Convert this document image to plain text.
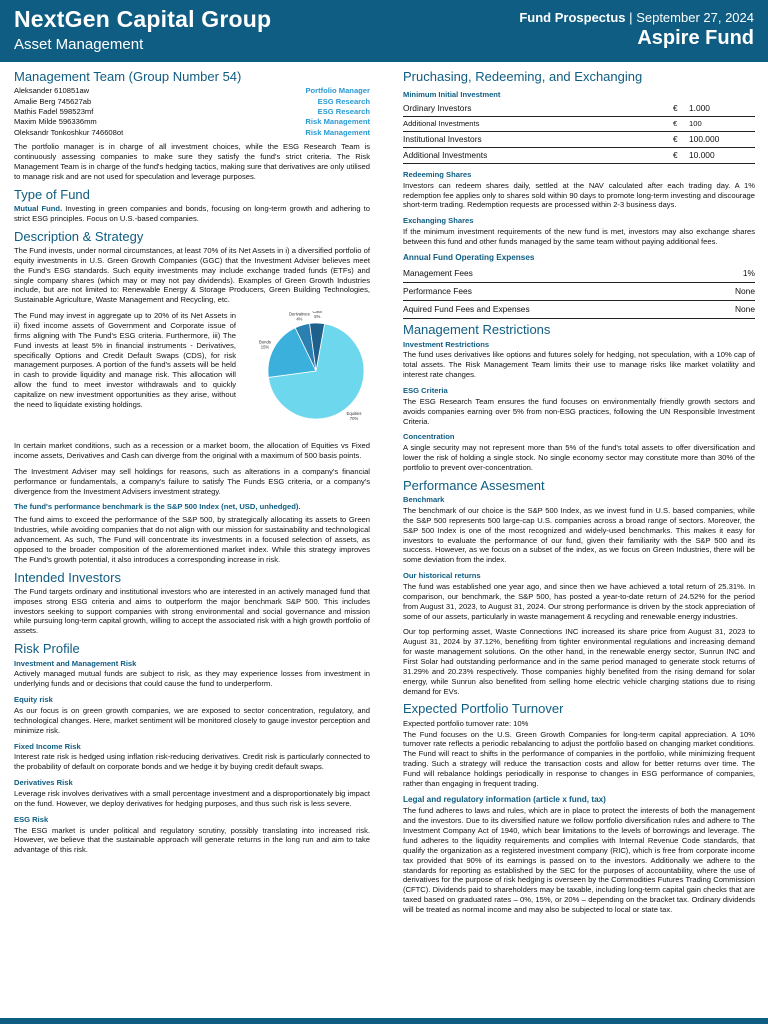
NextGen Capital Group
Asset Management
Fund Prospectus | September 27, 2024
Aspire Fund
Management Team (Group Number 54)
Aleksander 610851aw	Portfolio Manager
Amalie Berg 745627ab	ESG Research
Mathis Fadel 598523mf	ESG Research
Maxim Milde 596336mm	Risk Management
Oleksandr Tonkoshkur 746608ot	Risk Management

The portfolio manager is in charge of all investment choices, while the ESG Research Team is continuously assessing companies to make sure they satisfy the fund's strict criteria. The Risk Management Team is in charge of the fund's hedging tactics, making sure that derivatives are only utilised to manage risk and are not used for speculation and leverage purposes.

Type of Fund

Mutual Fund. Investing in green companies and bonds, focusing on long-term growth and adhering to strict ESG principles. Focus on U.S.-based companies.

Description & Strategy

The Fund invests, under normal circumstances, at least 70% of its Net Assets in i) a diversified portfolio of equity investments in U.S. Green Growth Companies (GGC) that the Investment Adviser believes meet the Fund's ESG standards. Such equity investments may include exchange traded funds (ETFs) and single company shares (which may or may not pay dividends). Examples of Green Growth Industries include, but are not limited to: Renewable Energy & Storage Producers, Green Building Technologies, Sustainable Agriculture, Waste Management and Recycling, etc.

The Fund may invest in aggregate up to 20% of its Net Assets in ii) fixed income assets of Government and Corporate issue of firms aligning with The Fund's ESG criteria. Furthermore, iii) The Fund invests at least 5% in financial instruments - Derivatives, specifically Options and Credit Default Swaps (CDS), for risk management purposes. A portion of the fund's assets will be held in cash to provide liquidity and manage risk. This allocation will allow the fund to meet investor withdrawals and to quickly capitalize on new investment opportunities as they arise, without the need to liquidate existing holdings.
Equities
70%
Bonds
15%
Derivatives
4%
Cash
5%

In certain market conditions, such as a recession or a market boom, the allocation of Equities vs Fixed income assets, Derivatives and Cash can diverge from the original with a maximum of 500 basis points.

The Investment Adviser may sell holdings for reasons, such as alterations in a company's financial performance or fundamentals, a company's failure to satisfy The Funds ESG criteria, or a company's divergence from the Investment Advisers investment strategy.

The fund's performance benchmark is the S&P 500 Index (net, USD, unhedged).

The fund aims to exceed the performance of the S&P 500, by strategically allocating its assets to Green Industries, while avoiding companies that do not align with our mission for sustainability and technological advancement. As such, The Fund will concentrate its investments in a focused selection of assets, as opposed to the broader composition of the aforementioned market index. While this strategy improves The Fund's growth potential, it also introduces a corresponding increase in risk.

Intended Investors

The Fund targets ordinary and institutional investors who are interested in an actively managed fund that imposes strong ESG criteria and aims to outperform the major benchmark S&P 500. This includes investors seeking to support companies with strong environmental and social governance and mission while pursuing long-term capital growth, willing to accept the associated risk with a high growth portfolio of assets.

Risk Profile
Investment and Management Risk

Actively managed mutual funds are subject to risk, as they may experience losses from investment in underlying funds and or decisions that could cause the fund to underperform.

Equity risk

As our focus is on green growth companies, we are exposed to sector concentration, regulatory, and technological changes. Here, market sentiment will be monitored closely to gauge investor perception and minimize risk.

Fixed Income Risk

Interest rate risk is hedged using inflation risk-reducing derivatives. Credit risk is particularly connected to the probability of default on corporate bonds and we hedge it by buying credit default swaps.

Derivatives Risk

Leverage risk involves derivatives with a small percentage investment and a disproportionately big impact on the fund. However, we deploy derivatives for hedging purposes, and thus such risk is less severe.

ESG Risk

The ESG market is under political and regulatory scrutiny, possibly translating into increased risk. However, we believe that the sustainable approach will generate returns in the long run and aim to take advantage of this risk.

Pruchasing, Redeeming, and Exchanging
Minimum Initial Investment
Ordinary Investors	€	1.000
Additional Investments	€	100
Institutional Investors	€	100.000
Additional Investments	€	10.000
Redeeming Shares

Investors can redeem shares daily, settled at the NAV calculated after each trading day. A 1% redemption fee applies only to shares sold within 90 days to promote long-term investing and discourage short-term trading. Redemption requests are processed within 2-3 business days.

Exchanging Shares

If the minimum investment requirements of the new fund is met, investors may also exchange shares between this fund and other funds managed by the same team without paying additional fees.

Annual Fund Operating Expenses
Management Fees	1%
Performance Fees	None
Aquired Fund Fees and Expenses	None
Management Restrictions
Investment Restrictions

The fund uses derivatives like options and futures solely for hedging, not speculation, with a 10% cap of total assets. The Risk Management Team limits their use to manage risks like market volatility and interest rate changes.

ESG Criteria

The ESG Research Team ensures the fund focuses on environmentally friendly growth sectors and avoids companies earning over 5% from non-ESG practices, following the UN Responsible Investment Criteria.

Concentration

A single security may not represent more than 5% of the fund's total assets to offer diversification and lower the risk of holding a single stock. No single economy sector may constitute more than 30% of the portfolio to prevent over-concentration.

Performance Assesment
Benchmark

The benchmark of our choice is the S&P 500 Index, as we invest fund in U.S. based companies, while the S&P 500 represents 500 large-cap U.S. companies across a broad range of sectors. Moreover, the S&P 500 Index is one of the most recognized and widely-used benchmarks. This makes it easy for investors to evaluate the performance of our fund, given their familiarity with the S&P 500 and its success. However, as we focus on a subset of the index, as we focus on Green Industries, there will be some deviation from the index.

Our historical returns

The fund was established one year ago, and since then we have achieved a total return of 25.31%. In comparison, our benchmark, the S&P 500, has posted a year-to-date return of 24.52% for the period from August 31, 2023, to August 31, 2024. Our strong performance is driven by the stock appreciation of some of our assets, particularly in waste management & recycling and renewable energy industries.

Our top performing asset, Waste Connections INC increased its share price from August 31, 2023 to August 31, 2024 by 37.12%, benefiting from tighter environmental regulations and increasing demand for waste management solutions. On the other hand, in the renewable energy sector, Sunrun INC and First Solar had outstanding performance and in the same period managed to generate stock returns of 31.29% and 20.23% respectively. Those companies highly benefited from the rising demand for solar energy, while Sunrun also benefited from selling home electric vehicle charging stations due to rising demand for EVs.

Expected Portfolio Turnover

Expected portfolio turnover rate: 10%

The Fund focuses on the U.S. Green Growth Companies for long-term capital appreciation. A 10% turnover rate reflects a periodic rebalancing to adjust the portfolio based on changing market conditions. The Fund will react to shifts in the performance of companies in the portfolio, while minimizing frequent trading. Such a strategy will reduce the transaction costs and allow for better returns over time. The Fund will rebalance holdings periodically in response to changes in ESG performance of companies, rather than engaging in frequent trading.

Legal and regulatory information (article x fund, tax)

The fund adheres to laws and rules, which are in place to protect the interests of both the management and the investors. Due to its diversified nature we follow portfolio diversification rules and adhere to The Investment Company Act of 1940, which bear limitations to the levels of borrowings and leverage. The fund adheres to the liquidity requirements and complies with Internal Revenue Code standards, that qualify the organization as a registered investment company (RIC), which is free from corporate income tax provided that 90% of its earnings is passed on to the investors. Additionally we adhere to the standards for reporting as established by the SEC for the purposes of accountability, where the use of derivatives for the purpose of risk hedging is overseen by the Commodities Futures Trading Commission (CFTC). Dividends paid to shareholders may be taxable, including long-term capital gain checks that are taxed based on graduated rates – 0%, 15%, or 20% – depending on the bracket tax. Ordinary dividends will be treated as normal income and may also be subjected to local or state tax.
